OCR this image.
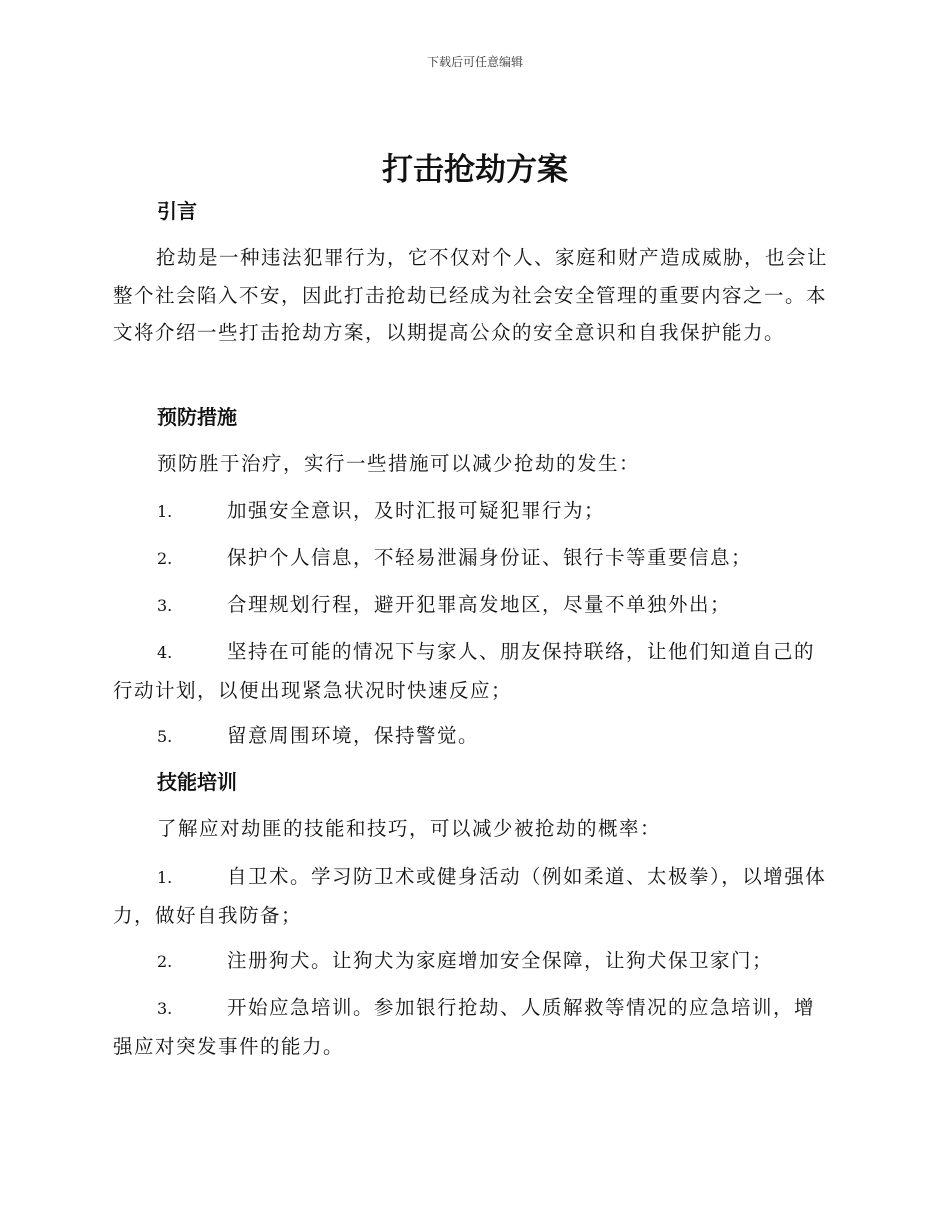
下载后可任意编辑
打击抢劫方案
引言

抢劫是一种违法犯罪行为，它不仅对个人、家庭和财产造成威胁，也会让整个社会陷入不安，因此打击抢劫已经成为社会安全管理的重要内容之一。本文将介绍一些打击抢劫方案，以期提高公众的安全意识和自我保护能力。

预防措施

预防胜于治疗，实行一些措施可以减少抢劫的发生：

1.	加强安全意识，及时汇报可疑犯罪行为；

2.	保护个人信息，不轻易泄漏身份证、银行卡等重要信息；

3.	合理规划行程，避开犯罪高发地区，尽量不单独外出；

4.	坚持在可能的情况下与家人、朋友保持联络，让他们知道自己的行动计划，以便出现紧急状况时快速反应；

5.	留意周围环境，保持警觉。

技能培训

了解应对劫匪的技能和技巧，可以减少被抢劫的概率：

1.	自卫术。学习防卫术或健身活动（例如柔道、太极拳），以增强体力，做好自我防备；

2.	注册狗犬。让狗犬为家庭增加安全保障，让狗犬保卫家门；

3.	开始应急培训。参加银行抢劫、人质解救等情况的应急培训，增强应对突发事件的能力。
